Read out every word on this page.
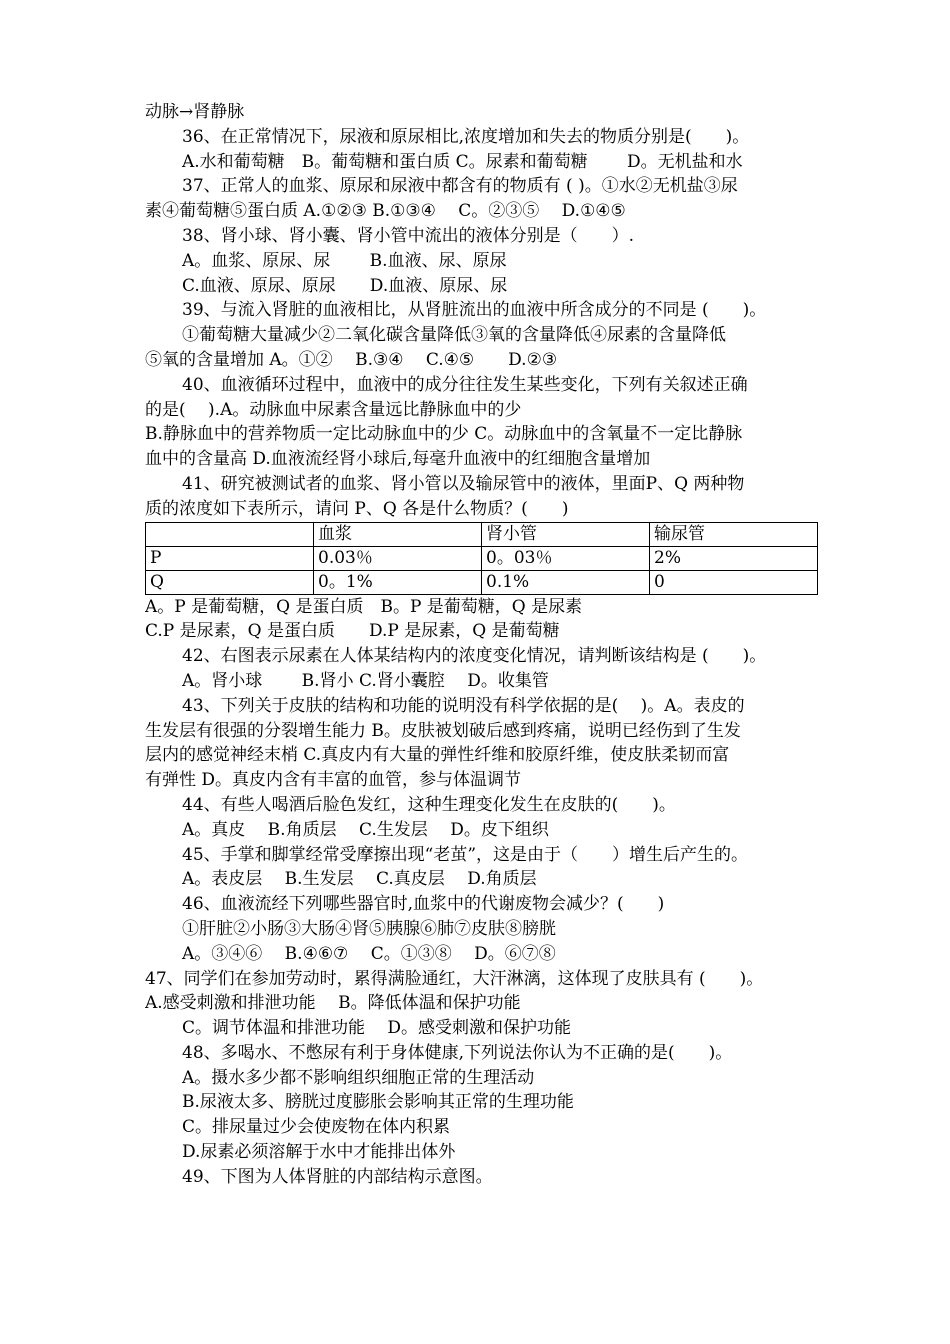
动脉→肾静脉
36、在正常情况下，尿液和原尿相比,浓度增加和失去的物质分别是(　　)。
A.水和葡萄糖　B。葡萄糖和蛋白质 C。尿素和葡萄糖　　 D。无机盐和水
37、正常人的血浆、原尿和尿液中都含有的物质有 ( )。①水②无机盐③尿
素④葡萄糖⑤蛋白质 A.①②③ B.①③④　 C。②③⑤　 D.①④⑤
38、肾小球、肾小囊、肾小管中流出的液体分别是（　　）.
A。血浆、原尿、尿　　 B.血液、尿、原尿
C.血液、原尿、原尿　　D.血液、原尿、尿
39、与流入肾脏的血液相比，从肾脏流出的血液中所含成分的不同是 (　　)。
①葡萄糖大量减少②二氧化碳含量降低③氧的含量降低④尿素的含量降低
⑤氧的含量增加 A。①②　 B.③④　 C.④⑤　　D.②③
40、血液循环过程中，血液中的成分往往发生某些变化，下列有关叙述正确
的是(　 ).A。动脉血中尿素含量远比静脉血中的少
B.静脉血中的营养物质一定比动脉血中的少 C。动脉血中的含氧量不一定比静脉
血中的含量高 D.血液流经肾小球后,每毫升血液中的红细胞含量增加
41、研究被测试者的血浆、肾小管以及输尿管中的液体，里面P、Q 两种物
质的浓度如下表所示，请问 P、Q 各是什么物质？(　　)
	血浆	肾小管	输尿管
P	0.03％	0。03％	2%
Q	0。1%	0.1%	0
A。P 是葡萄糖，Q 是蛋白质　B。P 是葡萄糖，Q 是尿素
C.P 是尿素，Q 是蛋白质　　D.P 是尿素，Q 是葡萄糖
42、右图表示尿素在人体某结构内的浓度变化情况，请判断该结构是 (　　)。
A。肾小球　　 B.肾小 C.肾小囊腔　 D。收集管
43、下列关于皮肤的结构和功能的说明没有科学依据的是(　 )。A。表皮的
生发层有很强的分裂增生能力 B。皮肤被划破后感到疼痛，说明已经伤到了生发
层内的感觉神经末梢 C.真皮内有大量的弹性纤维和胶原纤维，使皮肤柔韧而富
有弹性 D。真皮内含有丰富的血管，参与体温调节
44、有些人喝酒后脸色发红，这种生理变化发生在皮肤的(　　)。
A。真皮　 B.角质层　 C.生发层　 D。皮下组织
45、手掌和脚掌经常受摩擦出现“老茧”，这是由于（　　）增生后产生的。
A。表皮层　 B.生发层　 C.真皮层　 D.角质层
46、血液流经下列哪些器官时,血浆中的代谢废物会减少？(　　)
①肝脏②小肠③大肠④肾⑤胰腺⑥肺⑦皮肤⑧膀胱
A。③④⑥　 B.④⑥⑦　 C。①③⑧　 D。⑥⑦⑧
47、同学们在参加劳动时，累得满脸通红，大汗淋漓，这体现了皮肤具有 (　　)。
A.感受刺激和排泄功能　 B。降低体温和保护功能
C。调节体温和排泄功能　 D。感受刺激和保护功能
48、多喝水、不憋尿有利于身体健康,下列说法你认为不正确的是(　　)。
A。摄水多少都不影响组织细胞正常的生理活动
B.尿液太多、膀胱过度膨胀会影响其正常的生理功能
C。排尿量过少会使废物在体内积累
D.尿素必须溶解于水中才能排出体外
49、下图为人体肾脏的内部结构示意图。
